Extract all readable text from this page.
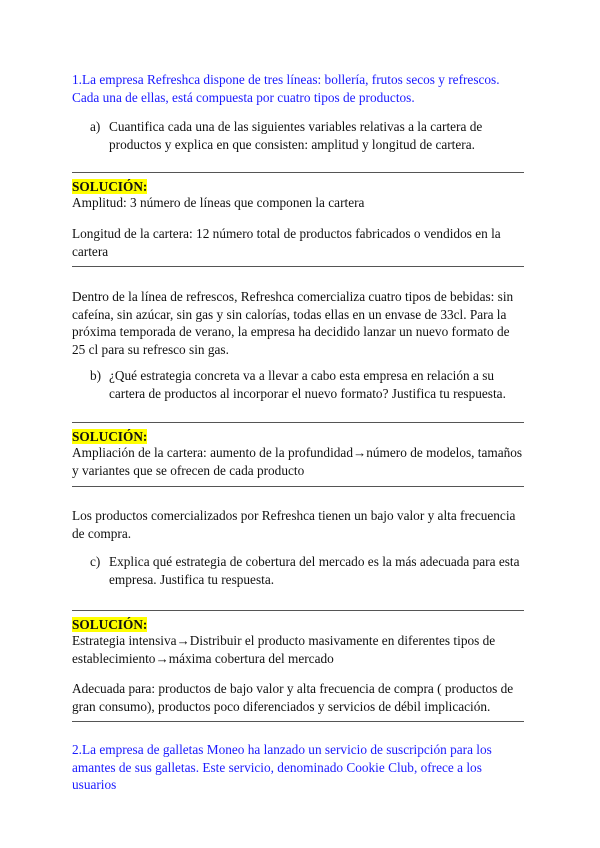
1.La empresa Refreshca dispone de tres líneas: bollería, frutos secos y refrescos. Cada una de ellas, está compuesta por cuatro tipos de productos.

a) Cuantifica cada una de las siguientes variables relativas a la cartera de productos y explica en que consisten: amplitud y longitud de cartera.

SOLUCIÓN:

Amplitud: 3 número de líneas que componen la cartera

Longitud de la cartera: 12 número total de productos fabricados o vendidos en la cartera

Dentro de la línea de refrescos, Refreshca comercializa cuatro tipos de bebidas: sin cafeína, sin azúcar, sin gas y sin calorías, todas ellas en un envase de 33cl. Para la próxima temporada de verano, la empresa ha decidido lanzar un nuevo formato de 25 cl para su refresco sin gas.

b) ¿Qué estrategia concreta va a llevar a cabo esta empresa en relación a su cartera de productos al incorporar el nuevo formato? Justifica tu respuesta.

SOLUCIÓN:

Ampliación de la cartera: aumento de la profundidad→número de modelos, tamaños y variantes que se ofrecen de cada producto

Los productos comercializados por Refreshca tienen un bajo valor y alta frecuencia de compra.

c) Explica qué estrategia de cobertura del mercado es la más adecuada para esta empresa. Justifica tu respuesta.

SOLUCIÓN:

Estrategia intensiva→Distribuir el producto masivamente en diferentes tipos de establecimiento→máxima cobertura del mercado

Adecuada para: productos de bajo valor y alta frecuencia de compra ( productos de gran consumo), productos poco diferenciados y servicios de débil implicación.

2.La empresa de galletas Moneo ha lanzado un servicio de suscripción para los amantes de sus galletas. Este servicio, denominado Cookie Club, ofrece a los usuarios
